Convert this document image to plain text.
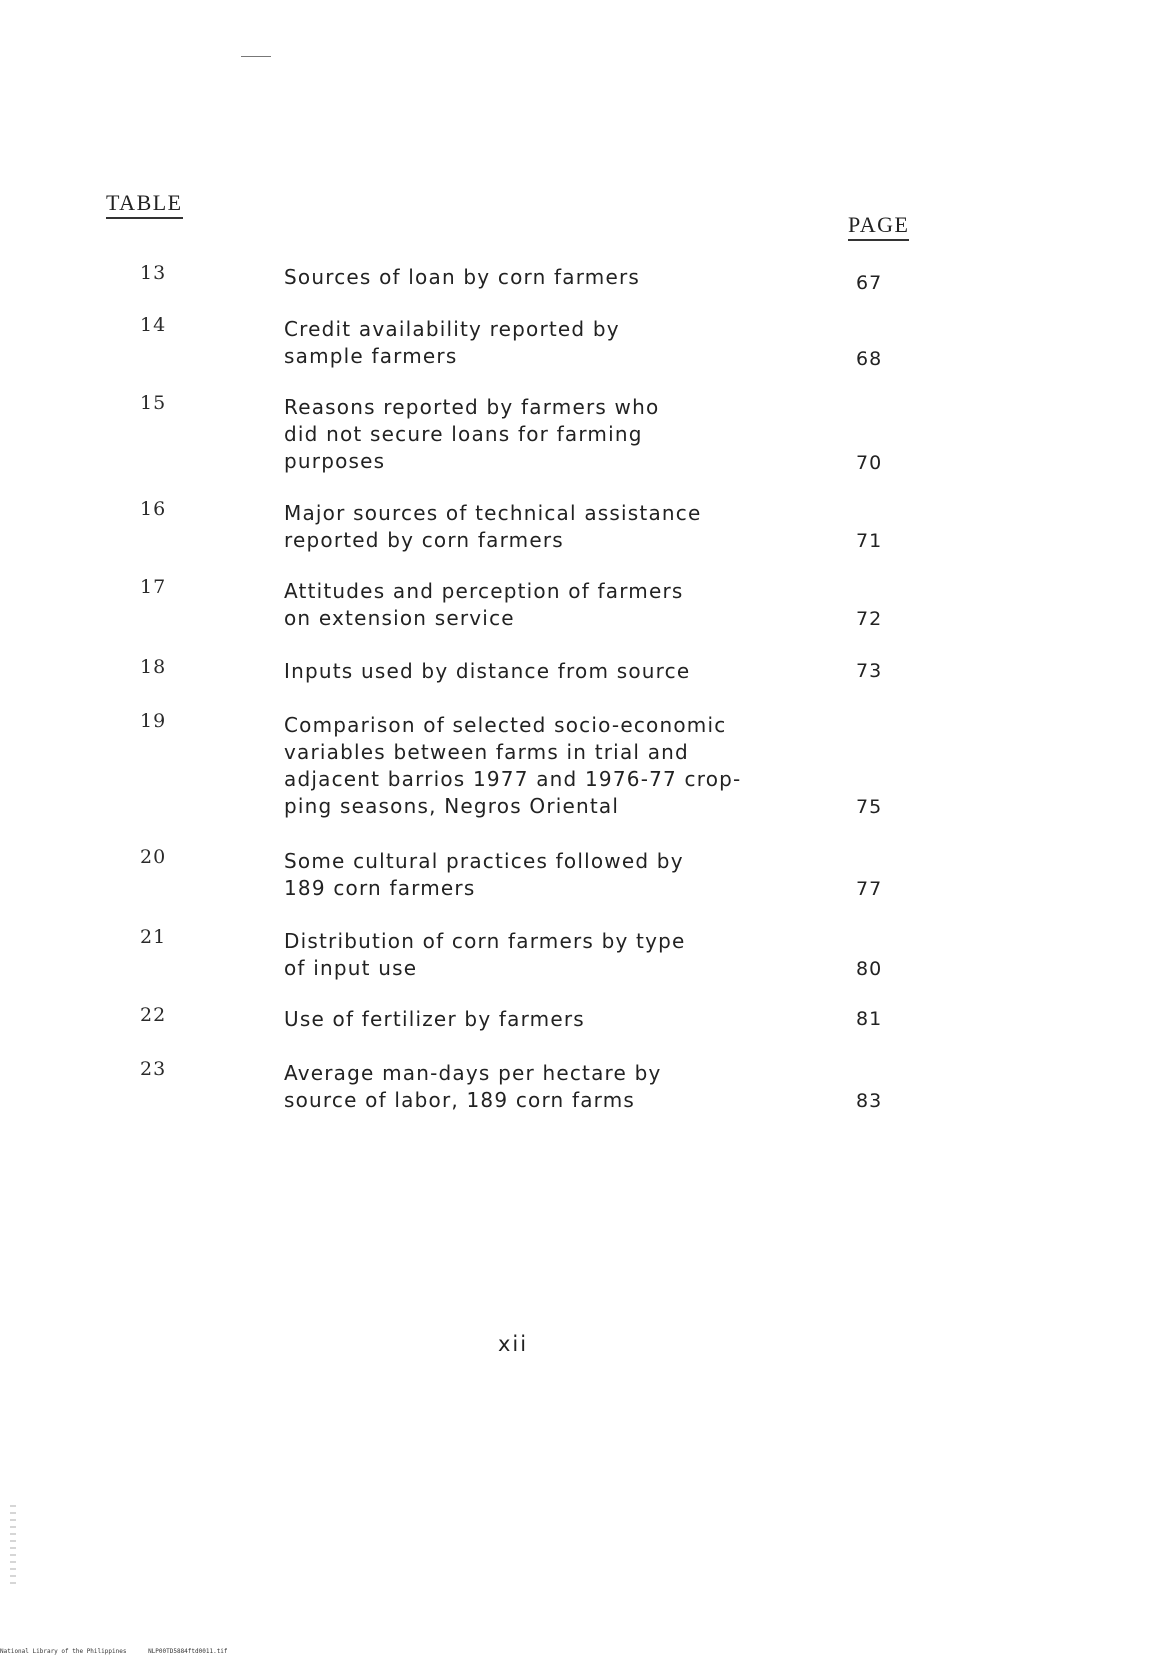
TABLE
PAGE
13	Sources of loan by corn farmers	67
14	Credit availability reported by
sample farmers	68
15	Reasons reported by farmers who
did not secure loans for farming
purposes	70
16	Major sources of technical assistance
reported by corn farmers	71
17	Attitudes and perception of farmers
on extension service	72
18	Inputs used by distance from source	73
19	Comparison of selected socio-economic
variables between farms in trial and
adjacent barrios 1977 and 1976-77 crop-
ping seasons, Negros Oriental	75
20	Some cultural practices followed by
189 corn farmers	77
21	Distribution of corn farmers by type
of input use	80
22	Use of fertilizer by farmers	81
23	Average man-days per hectare by
source of labor, 189 corn farms	83
xii
National Library of the Philippines	NLP00TD5884ftd0011.tif
